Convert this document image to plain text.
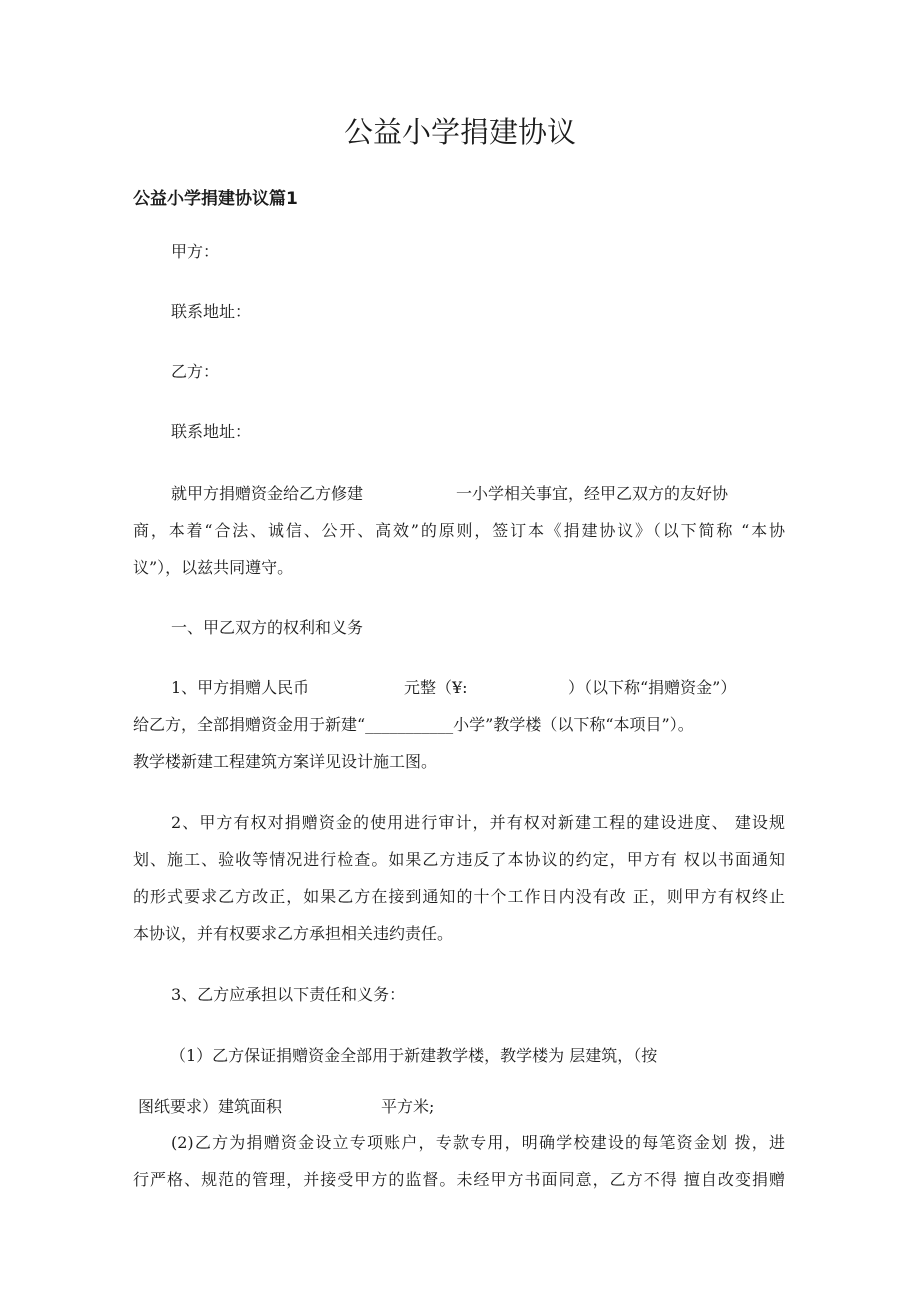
公益小学捐建协议
公益小学捐建协议篇1

甲方：

联系地址：

乙方：

联系地址：

就甲方捐赠资金给乙方修建	一小学相关事宜，经甲乙双方的友好协

商，本着“合法、诚信、公开、高效”的原则，签订本《捐建协议》（以下简称 “本协

议”），以兹共同遵守。

一、甲乙双方的权利和义务

1、甲方捐赠人民币	元整（¥:	）（以下称“捐赠资金”）

给乙方，全部捐赠资金用于新建“___________小学”教学楼（以下称“本项目”）。

教学楼新建工程建筑方案详见设计施工图。

2、甲方有权对捐赠资金的使用进行审计，并有权对新建工程的建设进度、 建设规

划、施工、验收等情况进行检查。如果乙方违反了本协议的约定，甲方有 权以书面通知

的形式要求乙方改正，如果乙方在接到通知的十个工作日内没有改 正，则甲方有权终止

本协议，并有权要求乙方承担相关违约责任。

3、乙方应承担以下责任和义务：

（1）乙方保证捐赠资金全部用于新建教学楼，教学楼为 层建筑，（按

图纸要求）建筑面积	平方米;

(2)乙方为捐赠资金设立专项账户，专款专用，明确学校建设的每笔资金划 拨，进

行严格、规范的管理，并接受甲方的监督。未经甲方书面同意，乙方不得 擅自改变捐赠
